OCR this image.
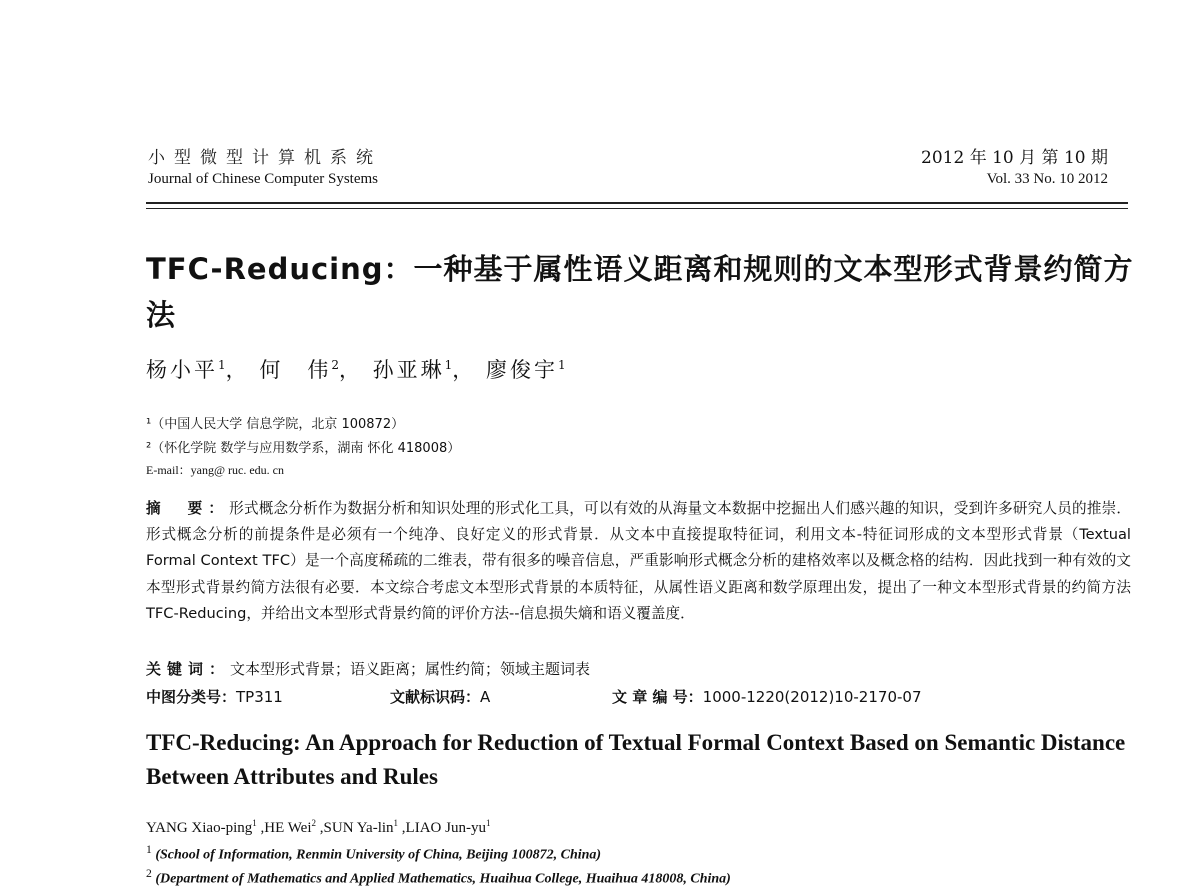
小型微型计算机系统
Journal of Chinese Computer Systems
2012 年 10 月 第 10 期
Vol. 33 No. 10 2012
TFC-Reducing：一种基于属性语义距离和规则的文本型形式背景约简方法
杨小平$^1$， 何　伟$^2$， 孙亚琳$^1$， 廖俊宇$^1$
¹（中国人民大学 信息学院，北京 100872）
²（怀化学院 数学与应用数学系，湖南 怀化 418008）
E-mail：yang@ ruc. edu. cn
摘　要：形式概念分析作为数据分析和知识处理的形式化工具，可以有效的从海量文本数据中挖掘出人们感兴趣的知识，受到许多研究人员的推崇．形式概念分析的前提条件是必须有一个纯净、良好定义的形式背景．从文本中直接提取特征词，利用文本-特征词形成的文本型形式背景（Textual Formal Context TFC）是一个高度稀疏的二维表，带有很多的噪音信息，严重影响形式概念分析的建格效率以及概念格的结构．因此找到一种有效的文本型形式背景约简方法很有必要．本文综合考虑文本型形式背景的本质特征，从属性语义距离和数学原理出发，提出了一种文本型形式背景的约简方法 TFC-Reducing，并给出文本型形式背景约简的评价方法--信息损失熵和语义覆盖度．
关键词：文本型形式背景；语义距离；属性约简；领域主题词表
中图分类号：TP311	文献标识码：A	文 章 编 号：1000-1220(2012)10-2170-07
TFC-Reducing: An Approach for Reduction of Textual Formal Context Based on Semantic Distance Between Attributes and Rules
YANG Xiao-ping$^1$ ,HE Wei$^2$ ,SUN Ya-lin$^1$ ,LIAO Jun-$yu^1$
$^1$ (School of Information, Renmin University of China, Beijing 100872, China)
$^2$ (Department of Mathematics and Applied Mathematics, Huaihua College, Huaihua 418008, China)
